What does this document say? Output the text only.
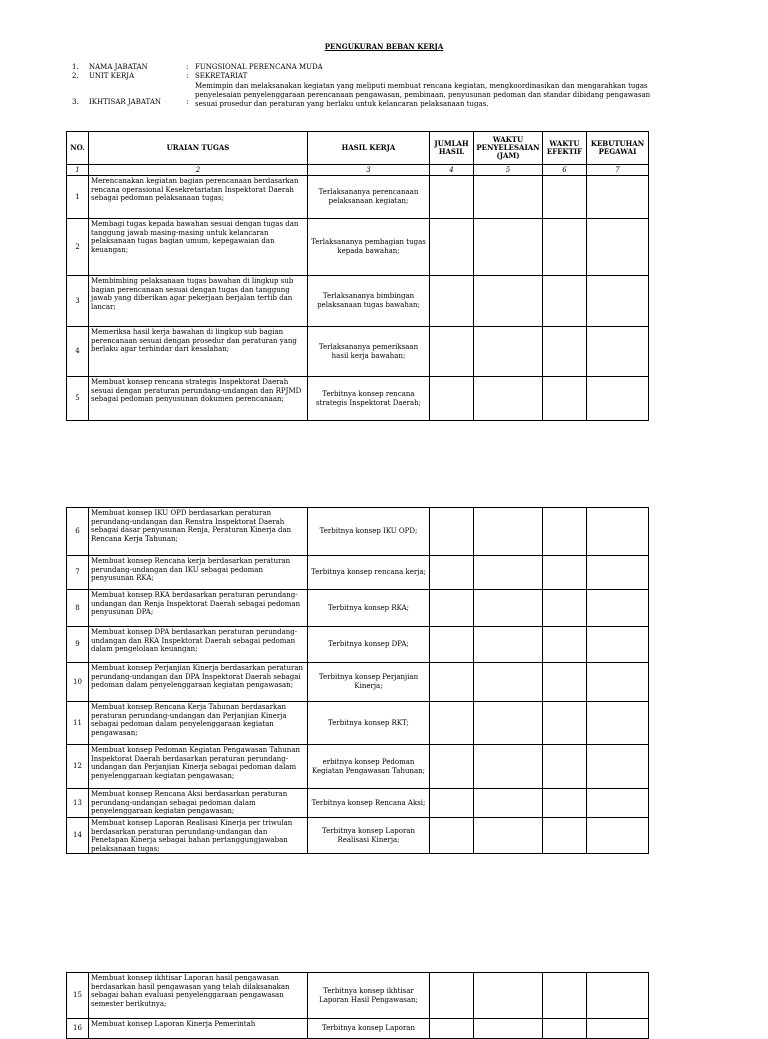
PENGUKURAN BEBAN KERJA
1.	NAMA JABATAN	: FUNGSIONAL PERENCANA MUDA
2.	UNIT KERJA	: SEKRETARIAT
3.	IKHTISAR JABATAN	:
Memimpin dan melaksanakan kegiatan yang meliputi membuat rencana kegiatan, mengkoordinasikan dan mengarahkan tugas penyelesaian penyelenggaraan perencanaan pengawasan, pembinaan, penyusunan pedoman dan standar dibidang pengawasan sesuai prosedur dan peraturan yang berlaku untuk kelancaran pelaksanaan tugas.
NO.	URAIAN TUGAS	HASIL KERJA	JUMLAH HASIL	WAKTU PENYELESAIAN (JAM)	WAKTU EFEKTIF	KEBUTUHAN PEGAWAI
1	2	3	4	5	6	7
1	Merencanakan kegiatan bagian perencanaan berdasarkan rencana operasional Kesekretariatan Inspektorat Daerah sebagai pedoman pelaksanaan tugas;	Terlaksananya perencanaan pelaksanaan kegiatan;				
2	Membagi tugas kepada bawahan sesuai dengan tugas dan tanggung jawab masing-masing untuk kelancaran pelaksanaan tugas bagian umum, kepegawaian dan keuangan;	Terlaksananya pembagian tugas kepada bawahan;				
3	Membimbing pelaksanaan tugas bawahan di lingkup sub bagian perencanaan sesuai dengan tugas dan tanggung jawab yang diberikan agar pekerjaan berjalan tertib dan lancar;	Terlaksananya bimbingan pelaksanaan tugas bawahan;				
4	Memeriksa hasil kerja bawahan di lingkup sub bagian perencanaan sesuai dengan prosedur dan peraturan yang berlaku agar terhindar dari kesalahan;	Terlaksananya pemeriksaan hasil kerja bawahan;				
5	Membuat konsep rencana strategis Inspektorat Daerah sesuai dengan peraturan perundang-undangan dan RPJMD sebagai pedoman penyusunan dokumen perencanaan;	Terbitnya konsep rencana strategis Inspektorat Daerah;				
6	Membuat konsep IKU OPD berdasarkan peraturan perundang-undangan dan Renstra Inspektorat Daerah sebagai dasar penyusunan Renja, Peraturan Kinerja dan Rencana Kerja Tahunan;	Terbitnya konsep IKU OPD;				
7	Membuat konsep Rencana kerja berdasarkan peraturan perundang-undangan dan IKU sebagai pedoman penyusunan RKA;	Terbitnya konsep rencana kerja;				
8	Membuat konsep RKA berdasarkan peraturan perundang-undangan dan Renja Inspektorat Daerah sebagai pedoman penyusunan DPA;	Terbitnya konsep RKA;				
9	Membuat konsep DPA berdasarkan peraturan perundang-undangan dan RKA Inspektorat Daerah sebagai pedoman dalam pengelolaan keuangan;	Terbitnya konsep DPA;				
10	Membuat konsep Perjanjian Kinerja berdasarkan peraturan perundang-undangan dan DPA Inspektorat Daerah sebagai pedoman dalam penyelenggaraan kegiatan pengawasan;	Terbitnya konsep Perjanjian Kinerja;				
11	Membuat konsep Rencana Kerja Tahunan berdasarkan peraturan perundang-undangan dan Perjanjian Kinerja sebagai pedoman dalam penyelenggaraan kegiatan pengawasan;	Terbitnya konsep RKT;				
12	Membuat konsep Pedoman Kegiatan Pengawasan Tahunan Inspektorat Daerah berdasarkan peraturan perundang-undangan dan Perjanjian Kinerja sebagai pedoman dalam penyelenggaraan kegiatan pengawasan;	erbitnya konsep Pedoman Kegiatan Pengawasan Tahunan;				
13	Membuat konsep Rencana Aksi berdasarkan peraturan perundang-undangan sebagai pedoman dalam penyelenggaraan kegiatan pengawasan;	Terbitnya konsep Rencana Aksi;				
14	Membuat konsep Laporan Realisasi Kinerja per triwulan berdasarkan peraturan perundang-undangan dan Penetapan Kinerja sebagai bahan pertanggungjawaban pelaksanaan tugas;	Terbitnya konsep Laporan Realisasi Kinerja;				
15	Membuat konsep ikhtisar Laporan hasil pengawasan berdasarkan hasil pengawasan yang telah dilaksanakan sebagai bahan evaluasi penyelenggaraan pengawasan semester berikutnya;	Terbitnya konsep ikhtisar Laporan Hasil Pengawasan;				
16	Membuat konsep Laporan Kinerja Pemerintah	Terbitnya konsep Laporan				
